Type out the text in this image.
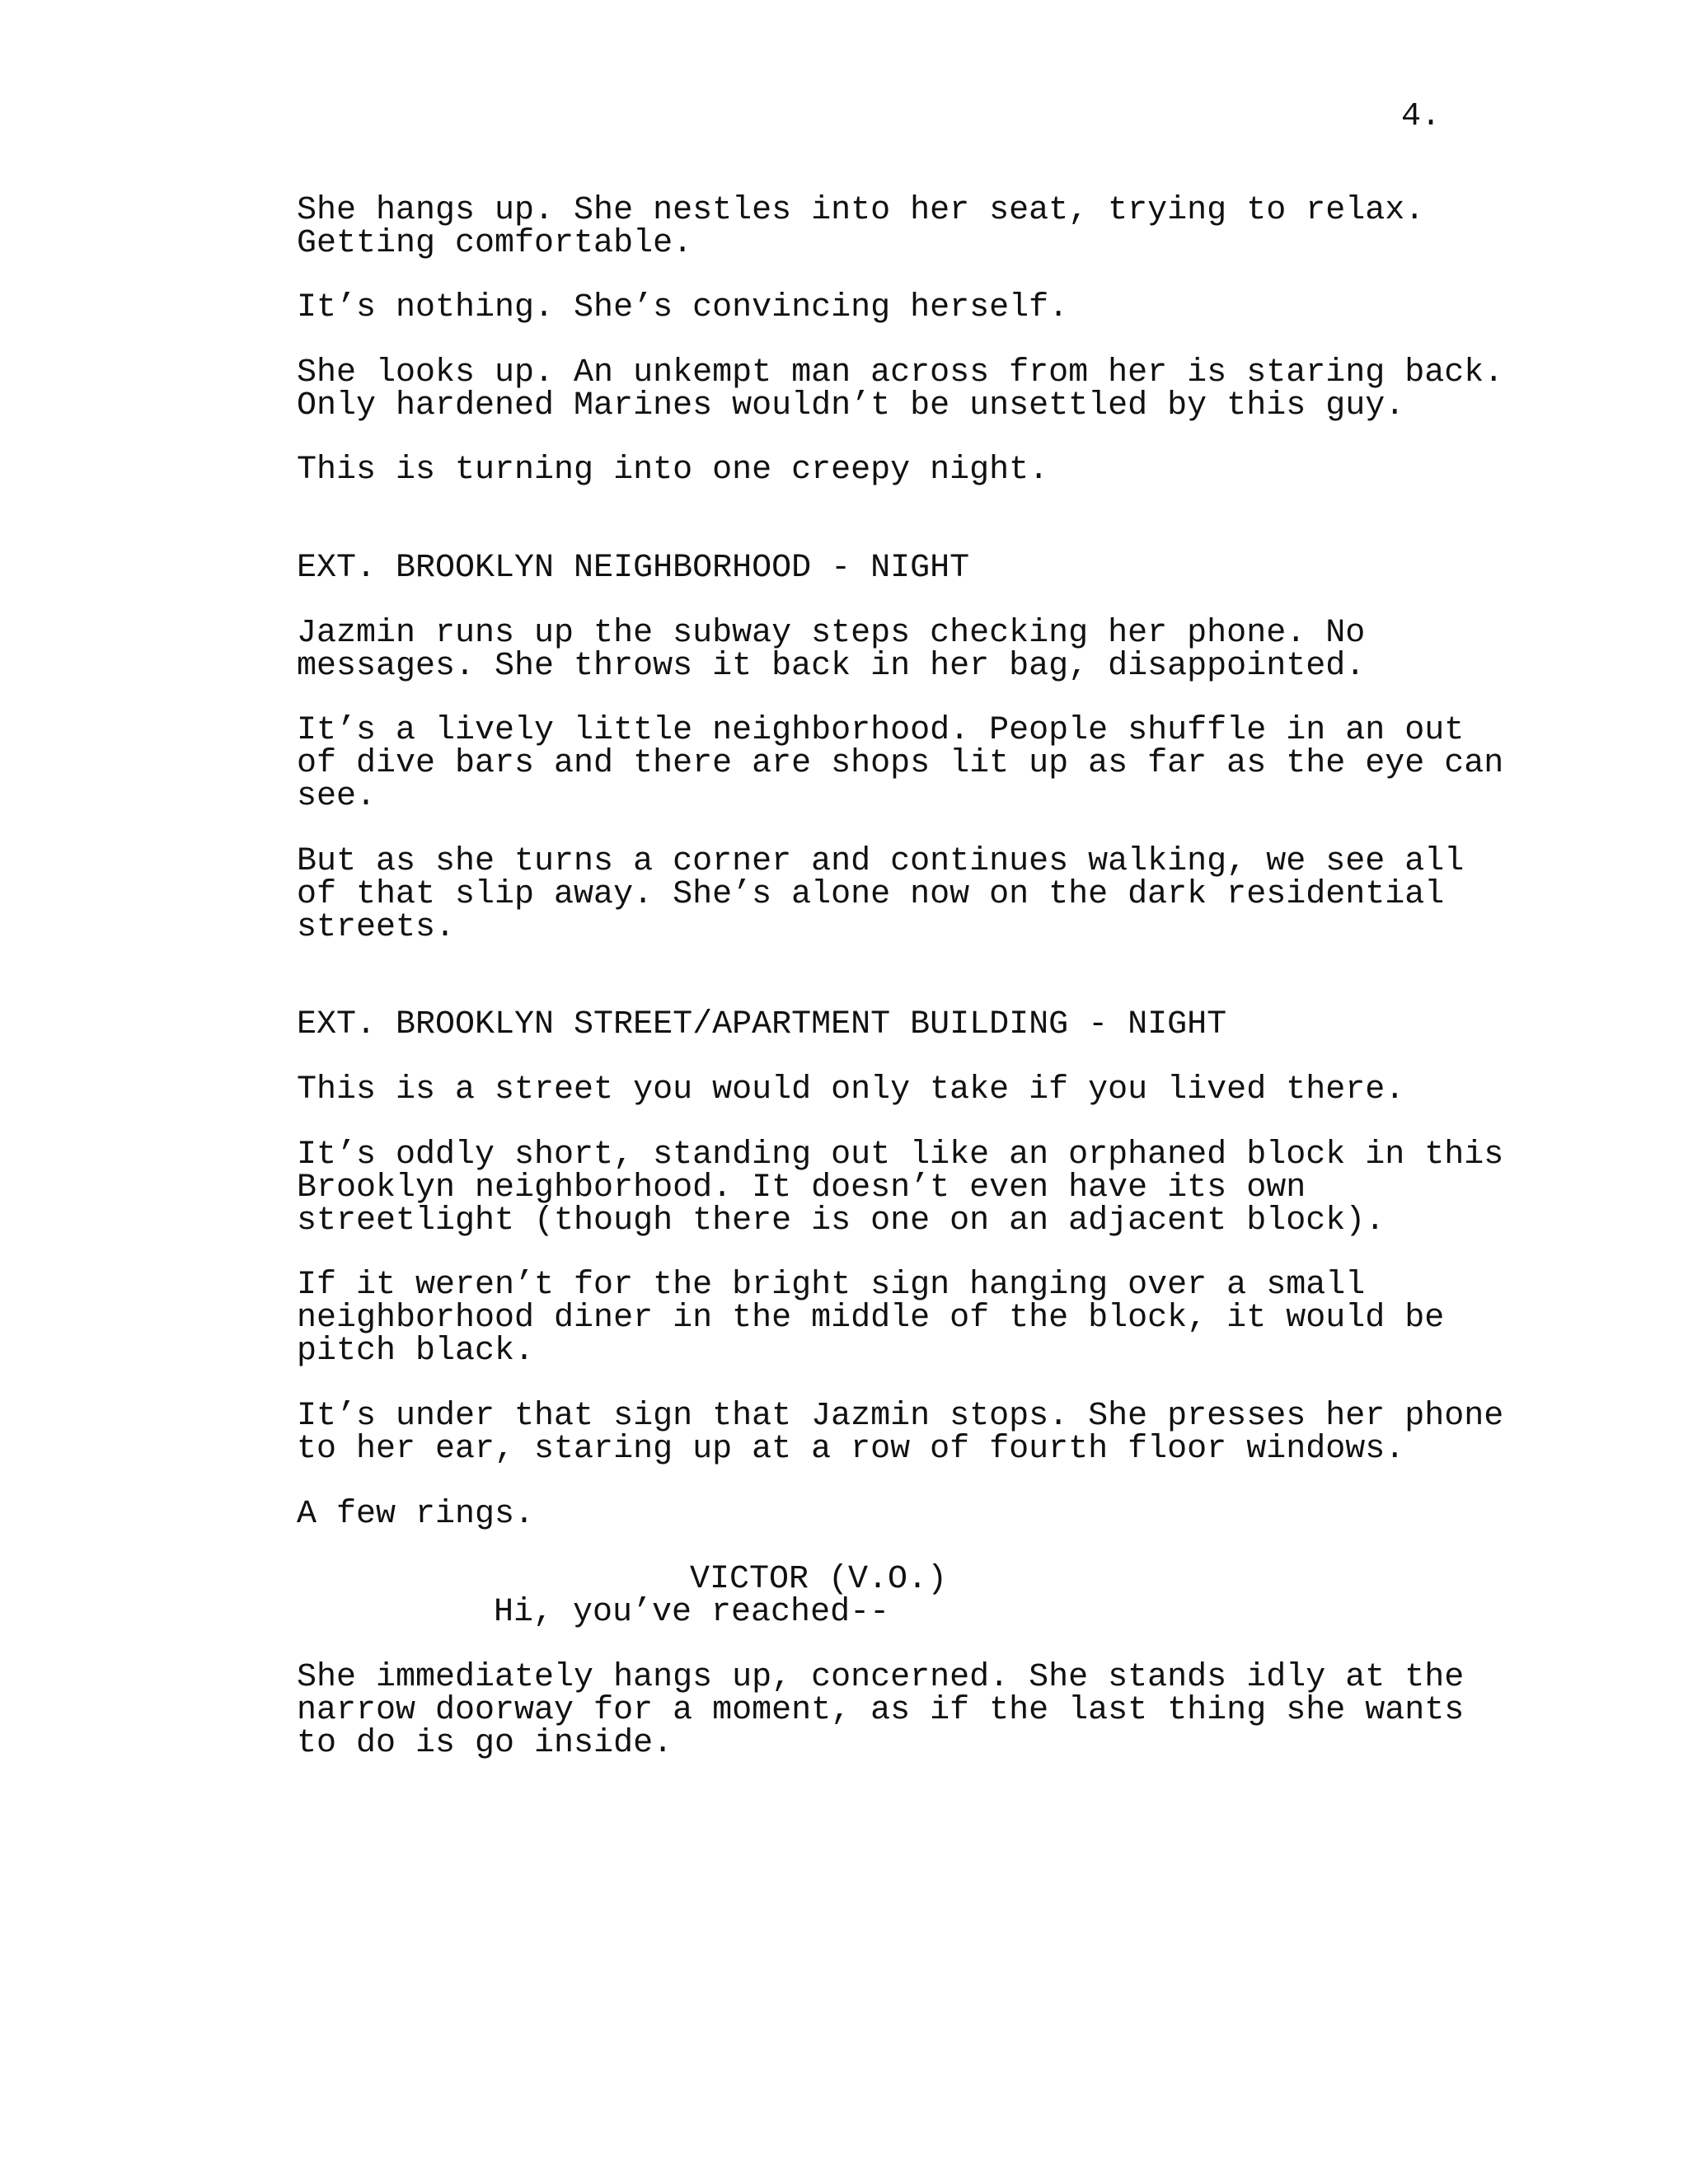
4.
She hangs up. She nestles into her seat, trying to relax.
Getting comfortable.
It’s nothing. She’s convincing herself.
She looks up. An unkempt man across from her is staring back.
Only hardened Marines wouldn’t be unsettled by this guy.
This is turning into one creepy night.
EXT. BROOKLYN NEIGHBORHOOD - NIGHT
Jazmin runs up the subway steps checking her phone. No
messages. She throws it back in her bag, disappointed.
It’s a lively little neighborhood. People shuffle in an out
of dive bars and there are shops lit up as far as the eye can
see.
But as she turns a corner and continues walking, we see all
of that slip away. She’s alone now on the dark residential
streets.
EXT. BROOKLYN STREET/APARTMENT BUILDING - NIGHT
This is a street you would only take if you lived there.
It’s oddly short, standing out like an orphaned block in this
Brooklyn neighborhood. It doesn’t even have its own
streetlight (though there is one on an adjacent block).
If it weren’t for the bright sign hanging over a small
neighborhood diner in the middle of the block, it would be
pitch black.
It’s under that sign that Jazmin stops. She presses her phone
to her ear, staring up at a row of fourth floor windows.
A few rings.
VICTOR (V.O.)
Hi, you’ve reached--
She immediately hangs up, concerned. She stands idly at the
narrow doorway for a moment, as if the last thing she wants
to do is go inside.
